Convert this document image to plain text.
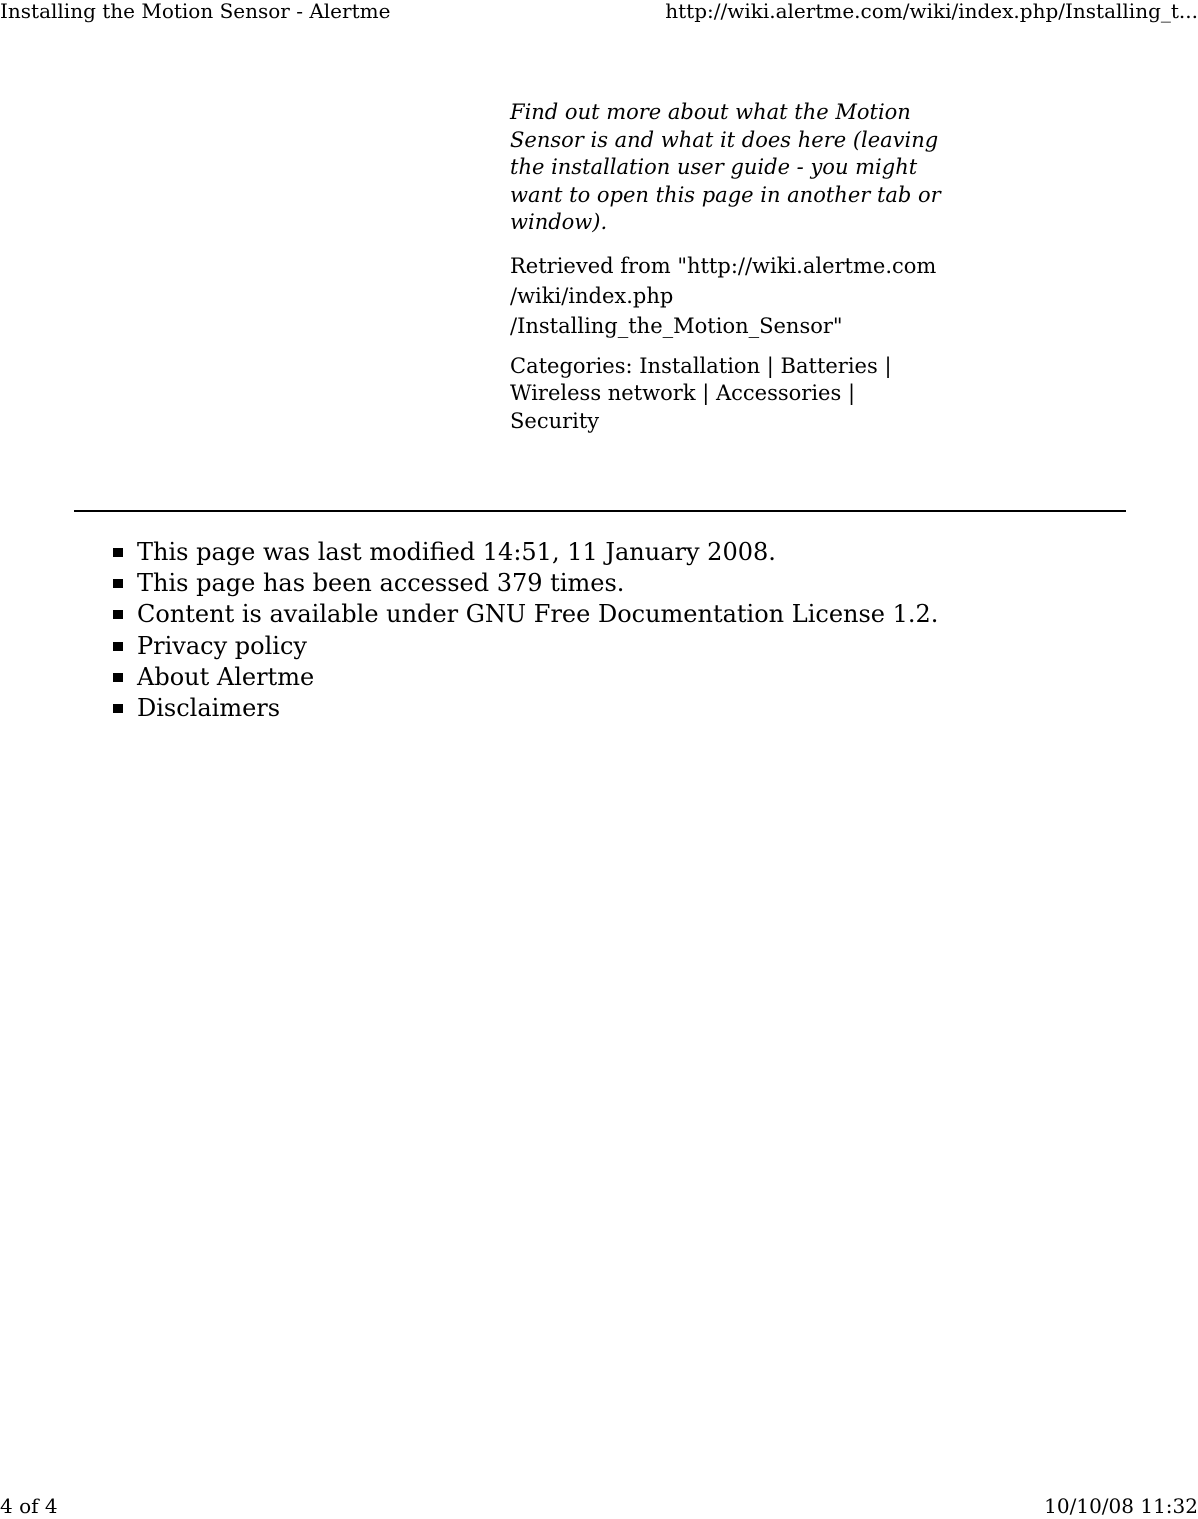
Installing the Motion Sensor - Alertme	http://wiki.alertme.com/wiki/index.php/Installing_t...

Find out more about what the Motion Sensor is and what it does here (leaving the installation user guide - you might want to open this page in another tab or window).

Retrieved from "http://wiki.alertme.com
/wiki/index.php
/Installing_the_Motion_Sensor"

Categories: Installation | Batteries | Wireless network | Accessories | Security

This page was last modified 14:51, 11 January 2008.
This page has been accessed 379 times.
Content is available under GNU Free Documentation License 1.2.
Privacy policy
About Alertme
Disclaimers
4 of 4	10/10/08 11:32
